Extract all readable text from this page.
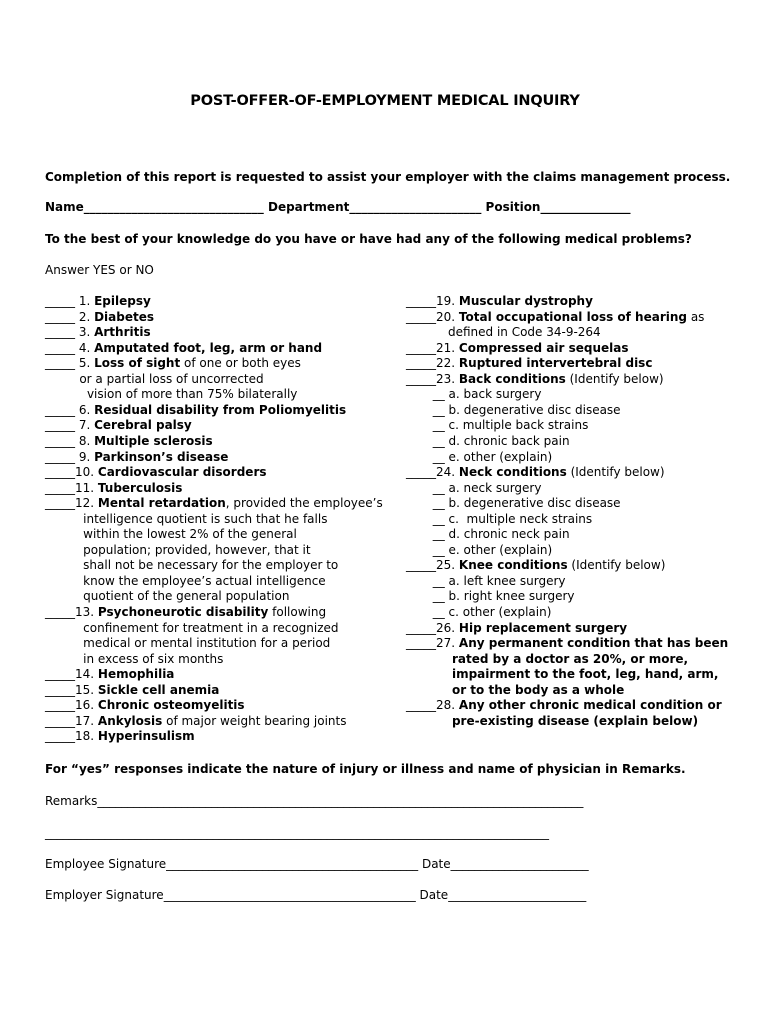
POST-OFFER-OF-EMPLOYMENT MEDICAL INQUIRY
Completion of this report is requested to assist your employer with the claims management process.
Name______________________________ Department______________________ Position_______________
To the best of your knowledge do you have or have had any of the following medical problems?
Answer YES or NO
_____ 1. Epilepsy
_____ 2. Diabetes
_____ 3. Arthritis
_____ 4. Amputated foot, leg, arm or hand
_____ 5. Loss of sight of one or both eyes
or a partial loss of uncorrected
vision of more than 75% bilaterally
_____ 6. Residual disability from Poliomyelitis
_____ 7. Cerebral palsy
_____ 8. Multiple sclerosis
_____ 9. Parkinson’s disease
_____10. Cardiovascular disorders
_____11. Tuberculosis
_____12. Mental retardation, provided the employee’s
intelligence quotient is such that he falls
within the lowest 2% of the general
population; provided, however, that it
shall not be necessary for the employer to
know the employee’s actual intelligence
quotient of the general population
_____13. Psychoneurotic disability following
confinement for treatment in a recognized
medical or mental institution for a period
in excess of six months
_____14. Hemophilia
_____15. Sickle cell anemia
_____16. Chronic osteomyelitis
_____17. Ankylosis of major weight bearing joints
_____18. Hyperinsulism
_____19. Muscular dystrophy
_____20. Total occupational loss of hearing as
defined in Code 34-9-264
_____21. Compressed air sequelas
_____22. Ruptured intervertebral disc
_____23. Back conditions (Identify below)
__ a. back surgery
__ b. degenerative disc disease
__ c. multiple back strains
__ d. chronic back pain
__ e. other (explain)
_____24. Neck conditions (Identify below)
__ a. neck surgery
__ b. degenerative disc disease
__ c.  multiple neck strains
__ d. chronic neck pain
__ e. other (explain)
_____25. Knee conditions (Identify below)
__ a. left knee surgery
__ b. right knee surgery
__ c. other (explain)
_____26. Hip replacement surgery
_____27. Any permanent condition that has been
rated by a doctor as 20%, or more,
impairment to the foot, leg, hand, arm,
or to the body as a whole
_____28. Any other chronic medical condition or
pre-existing disease (explain below)
For “yes” responses indicate the nature of injury or illness and name of physician in Remarks.
Remarks_________________________________________________________________________________
____________________________________________________________________________________
Employee Signature__________________________________________ Date_______________________
Employer Signature__________________________________________ Date_______________________
